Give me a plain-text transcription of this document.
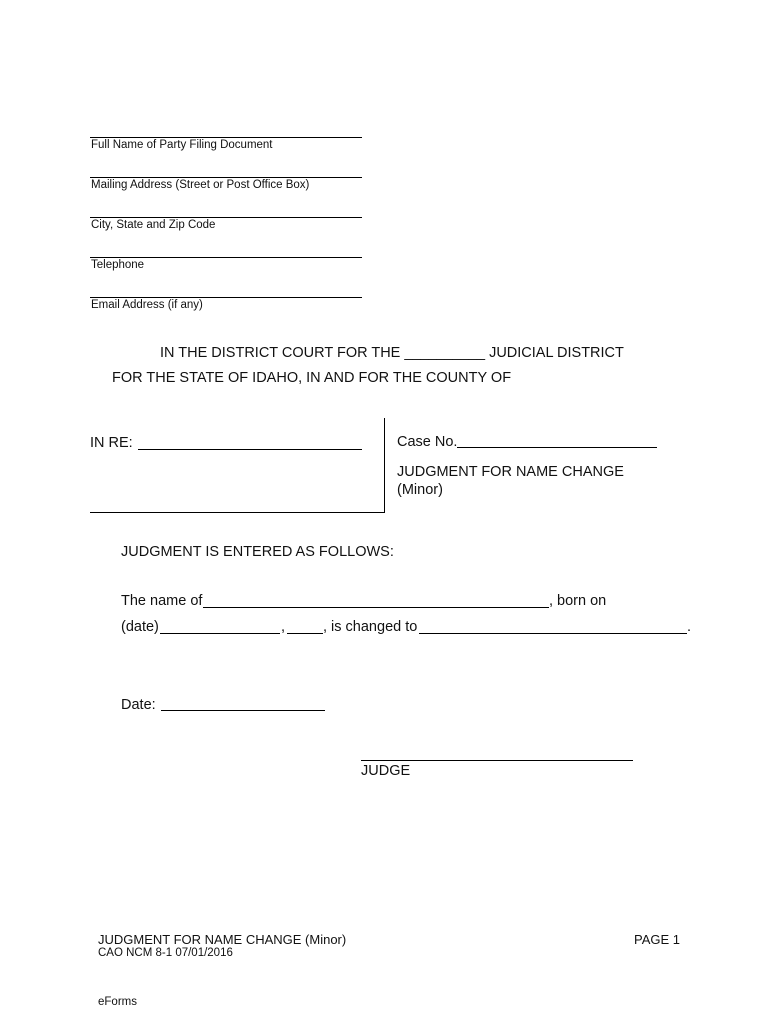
Full Name of Party Filing Document
Mailing Address (Street or Post Office Box)
City, State and Zip Code
Telephone
Email Address (if any)
IN THE DISTRICT COURT FOR THE __________ JUDICIAL DISTRICT
FOR THE STATE OF IDAHO, IN AND FOR THE COUNTY OF
IN RE:	Case No.
JUDGMENT FOR NAME CHANGE
(Minor)
JUDGMENT IS ENTERED AS FOLLOWS:
The name of	, born on
(date)	,	, is changed to	.
Date:
JUDGE
JUDGMENT FOR NAME CHANGE (Minor)
CAO NCM 8-1 07/01/2016
PAGE 1
eForms
